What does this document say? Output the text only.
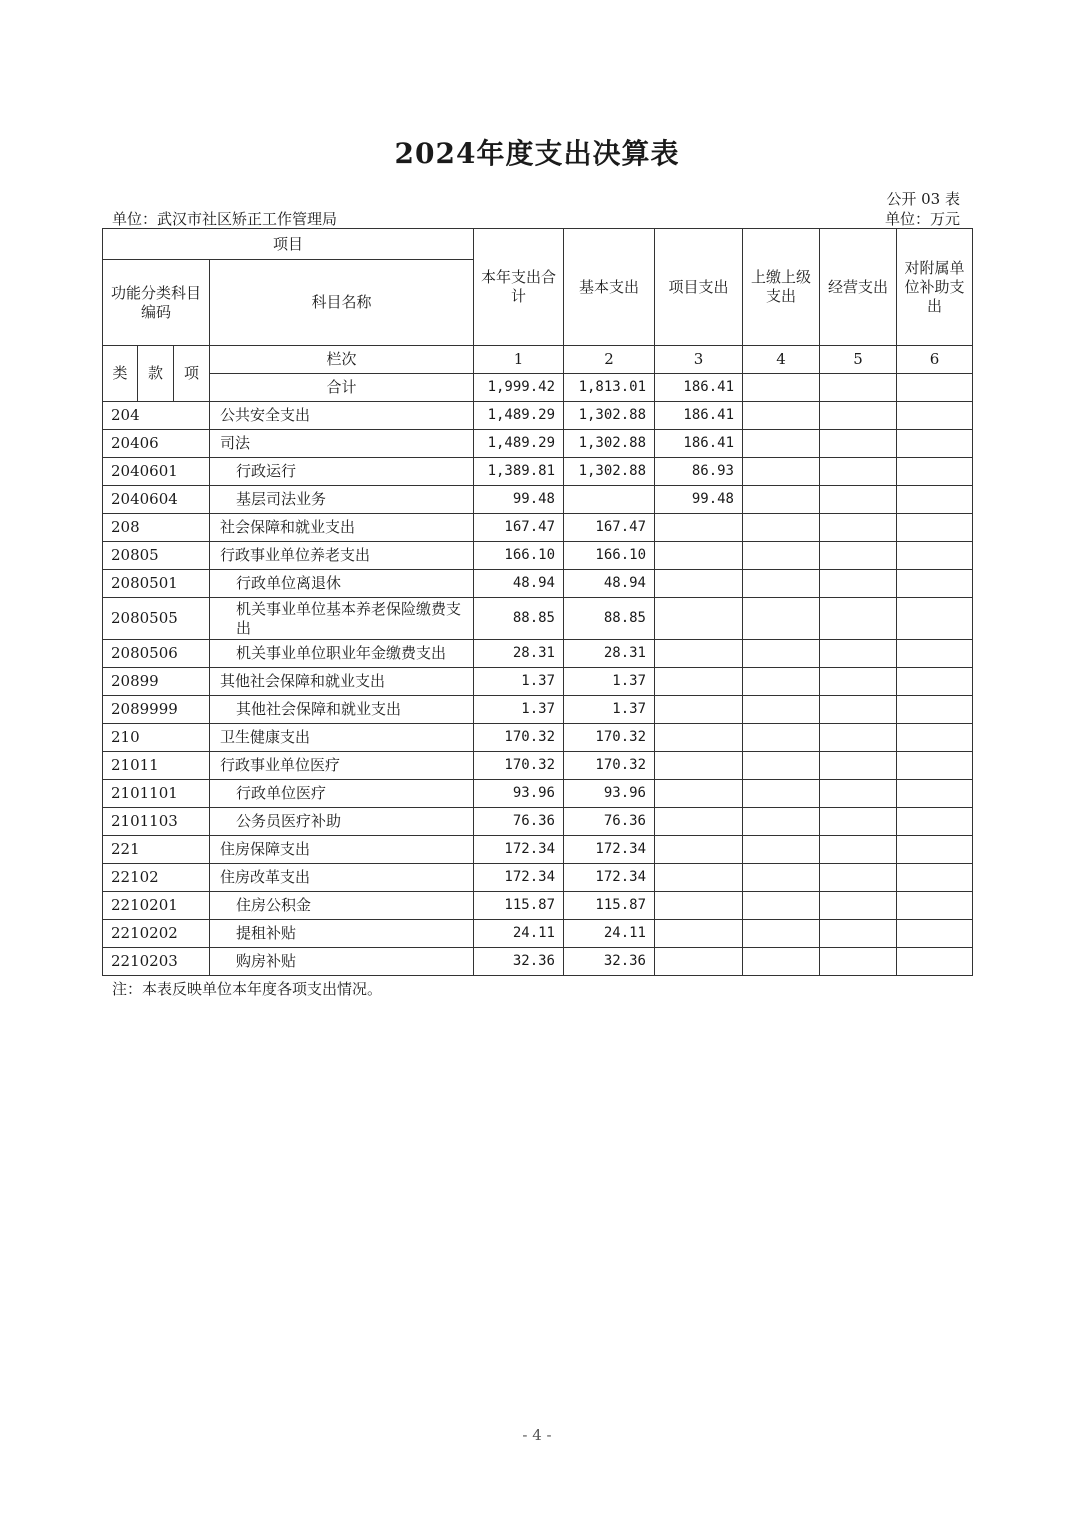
2024年度支出决算表
公开 03 表
单位：武汉市社区矫正工作管理局	单位：万元
项目				本年支出合计	基本支出	项目支出	上缴上级支出	经营支出	对附属单位补助支出
功能分类科目编码			科目名称						
类	款	项	栏次	1	2	3	4	5	6
			合计	1,999.42	1,813.01	186.41			
204			公共安全支出	1,489.29	1,302.88	186.41			
20406			司法	1,489.29	1,302.88	186.41			
2040601			行政运行	1,389.81	1,302.88	86.93			
2040604			基层司法业务	99.48		99.48			
208			社会保障和就业支出	167.47	167.47				
20805			行政事业单位养老支出	166.10	166.10				
2080501			行政单位离退休	48.94	48.94				
2080505			机关事业单位基本养老保险缴费支出	88.85	88.85				
2080506			机关事业单位职业年金缴费支出	28.31	28.31				
20899			其他社会保障和就业支出	1.37	1.37				
2089999			其他社会保障和就业支出	1.37	1.37				
210			卫生健康支出	170.32	170.32				
21011			行政事业单位医疗	170.32	170.32				
2101101			行政单位医疗	93.96	93.96				
2101103			公务员医疗补助	76.36	76.36				
221			住房保障支出	172.34	172.34				
22102			住房改革支出	172.34	172.34				
2210201			住房公积金	115.87	115.87				
2210202			提租补贴	24.11	24.11				
2210203			购房补贴	32.36	32.36				
注：本表反映单位本年度各项支出情况。
- 4 -
